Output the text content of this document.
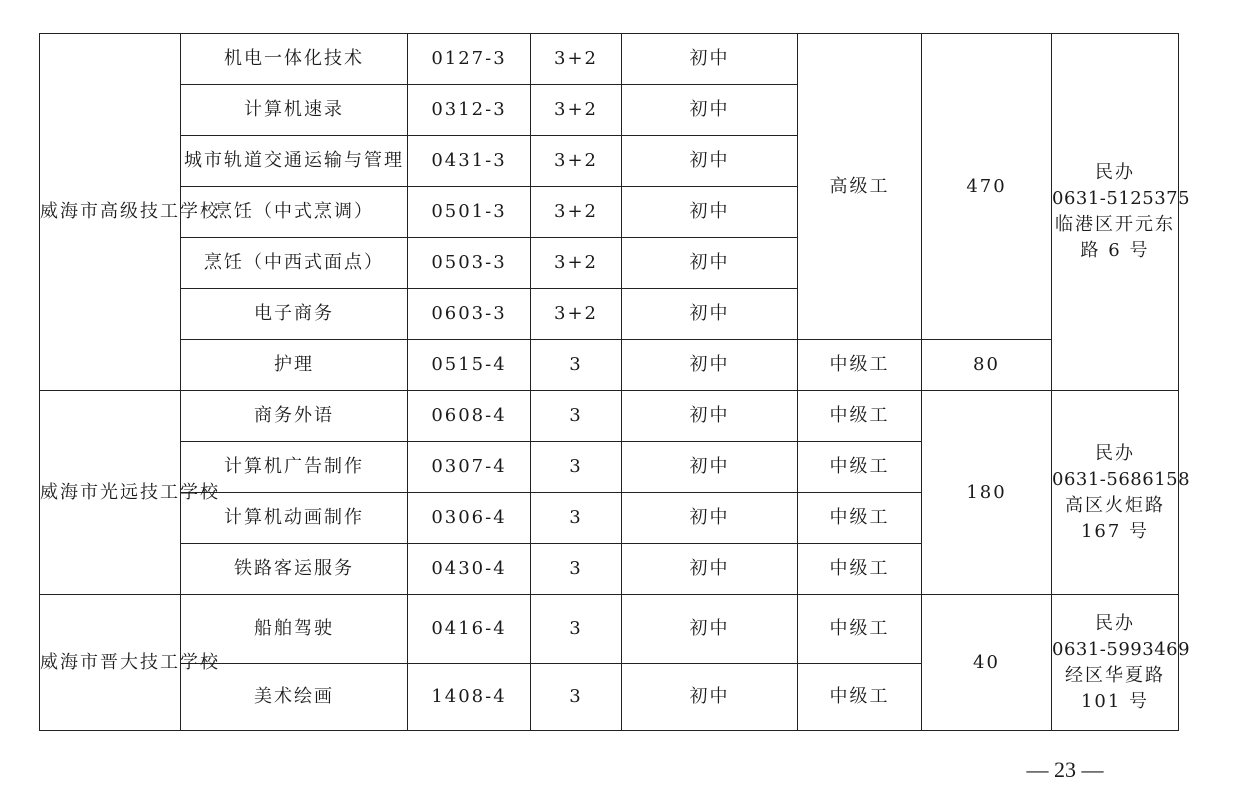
威海市高级技工学校	机电一体化技术	0127-3	3+2	初中	高级工	470	民办
0631-5125375
临港区开元东
路 6 号

	计算机速录	0312-3	3+2	初中			
	城市轨道交通运输与管理	0431-3	3+2	初中			
	烹饪（中式烹调）	0501-3	3+2	初中			
	烹饪（中西式面点）	0503-3	3+2	初中			
	电子商务	0603-3	3+2	初中			
	护理	0515-4	3	初中	中级工	80	
威海市光远技工学校	商务外语	0608-4	3	初中	中级工	180	民办
0631-5686158
高区火炬路
167 号

	计算机广告制作	0307-4	3	初中	中级工		
	计算机动画制作	0306-4	3	初中	中级工		
	铁路客运服务	0430-4	3	初中	中级工		
威海市晋大技工学校	船舶驾驶	0416-4	3	初中	中级工	40	民办
0631-5993469
经区华夏路
101 号

	美术绘画	1408-4	3	初中	中级工		
— 23 —
